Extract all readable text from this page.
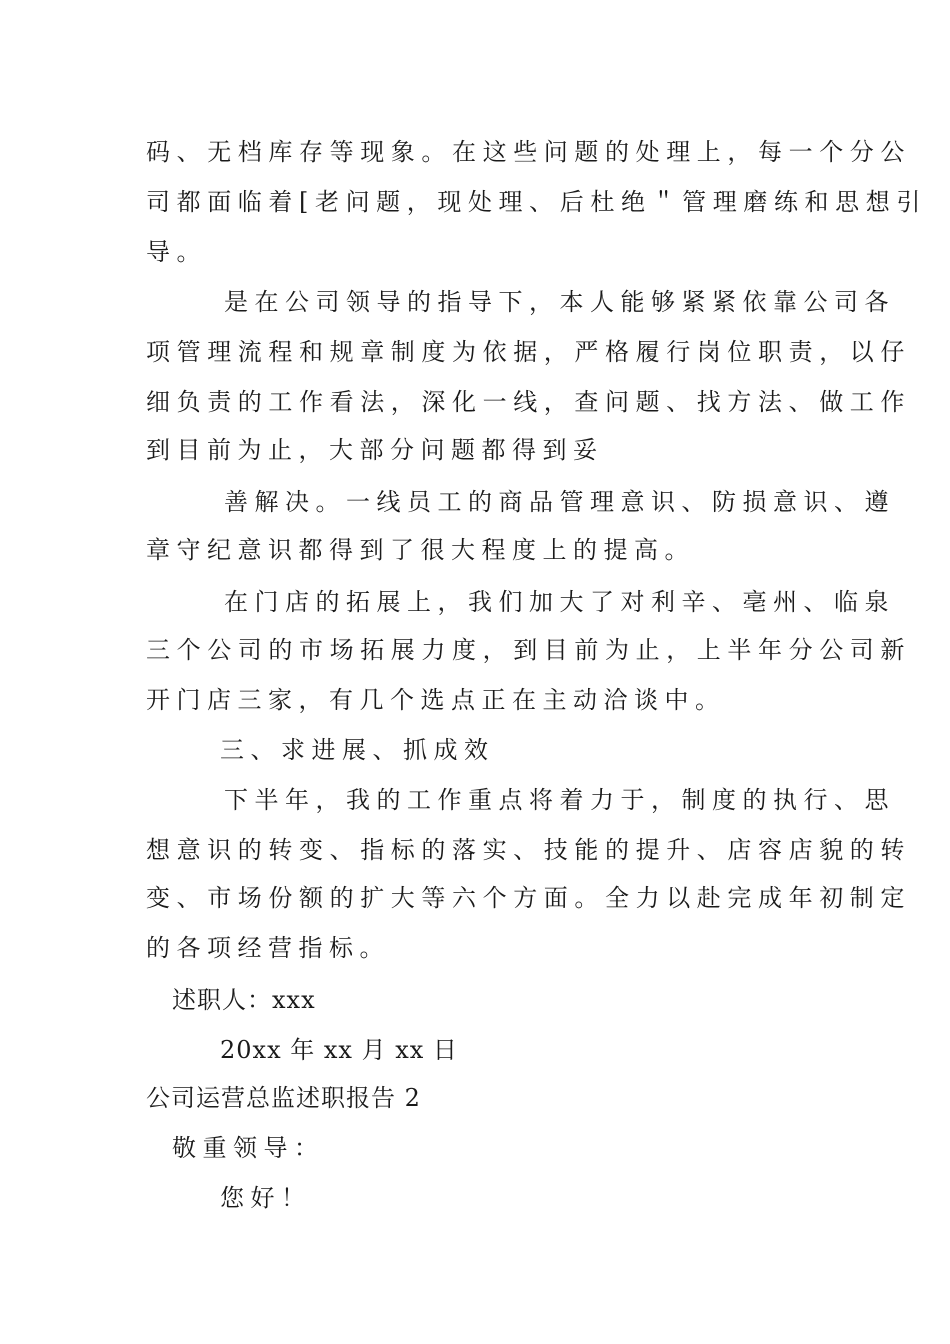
码、无档库存等现象。在这些问题的处理上，每一个分公
司都面临着[老问题，现处理、后杜绝＂管理磨练和思想引
导。
是在公司领导的指导下，本人能够紧紧依靠公司各
项管理流程和规章制度为依据，严格履行岗位职责，以仔
细负责的工作看法，深化一线，查问题、找方法、做工作
到目前为止，大部分问题都得到妥
善解决。一线员工的商品管理意识、防损意识、遵
章守纪意识都得到了很大程度上的提高。
在门店的拓展上，我们加大了对利辛、亳州、临泉
三个公司的市场拓展力度，到目前为止，上半年分公司新
开门店三家，有几个选点正在主动洽谈中。
三、求进展、抓成效
下半年，我的工作重点将着力于，制度的执行、思
想意识的转变、指标的落实、技能的提升、店容店貌的转
变、市场份额的扩大等六个方面。全力以赴完成年初制定
的各项经营指标。
述职人：xxx
20xx 年 xx 月 xx 日
公司运营总监述职报告 2
敬重领导：
您好！
